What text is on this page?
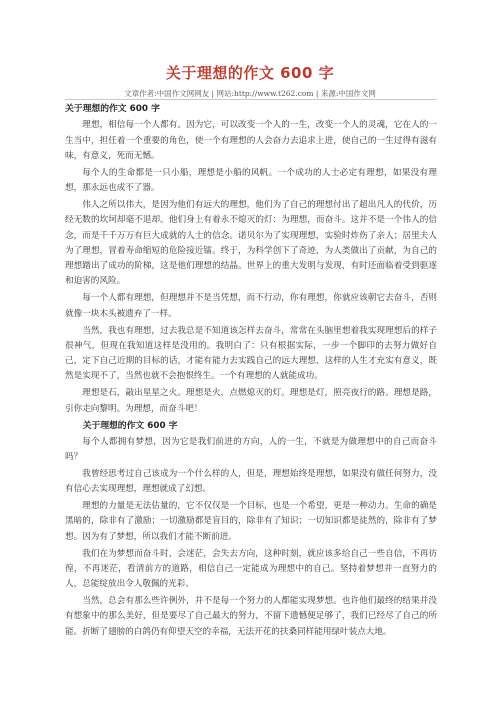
关于理想的作文 600 字
文章作者:中国作文网网友 | 网站:http://www.t262.com | 来源:中国作文网
关于理想的作文 600 字

理想，相信每一个人都有。因为它，可以改变一个人的一生，改变一个人的灵魂，它在人的一生当中，担任着一个重要的角色，使一个有理想的人会奋力去追求上进，使自己的一生过得有滋有味，有意义，死而无憾。

每个人的生命都是一只小船，理想是小船的风帆。一个成功的人士必定有理想，如果没有理想，那永远也成不了器。

伟人之所以伟大，是因为他们有远大的理想，他们为了自己的理想付出了超出凡人的代价，历经无数的坎坷却毫不退却。他们身上有着永不熄灭的灯：为理想，而奋斗。这并不是一个伟人的信念，而是千千万万有巨大成就的人士的信念。诺贝尔为了实现理想，实验时炸伤了亲人；居里夫人为了理想，冒着寿命缩短的危险接近镭。终于，为科学创下了奇迹，为人类做出了贡献，为自己的理想踏出了成功的阶梯，这是他们理想的结晶。世界上的重大发明与发现，有时还面临着受到驱逐和迫害的风险。

每一个人都有理想，但理想并不是当凭想，而不行动，你有理想，你就应该朝它去奋斗，否则就像一块木头被遗弃了一样。

当然，我也有理想，过去我总是不知道该怎样去奋斗，常常在头脑里想着我实现理想后的样子很神气，但现在我知道这样是没用的。我明白了：只有根据实际，一步一个脚印的去努力做好自己，定下自己近期的目标的话，才能有能力去实践自己的远大理想，这样的人生才充实有意义，既然是实现不了，当然也就不会抱恨终生。一个有理想的人就能成功。

理想是石，敲出星星之火。理想是火，点燃熄灭的灯。理想是灯，照亮夜行的路。理想是路，引你走向黎明。为理想，而奋斗吧！

关于理想的作文 600 字

每个人都拥有梦想，因为它是我们前进的方向，人的一生，不就是为做理想中的自己而奋斗吗？

我曾经思考过自己该成为一个什么样的人，但是，理想始终是理想，如果没有做任何努力，没有信心去实现理想，理想就成了幻想。

理想的力量是无法估量的，它不仅仅是一个目标，也是一个希望，更是一种动力。生命的确是黑暗的，除非有了激励；一切激励都是盲目的，除非有了知识；一切知识都是徒然的，除非有了梦想。因为有了梦想，所以我们才能不断前进。

我们在为梦想而奋斗时，会迷茫，会失去方向，这种时刻，就应该多给自己一些自信，不再彷徨，不再迷茫，看清前方的道路，相信自己一定能成为理想中的自己。坚持着梦想并一直努力的人，总能绽放出令人敬佩的光彩。

当然，总会有那么些许例外，并不是每一个努力的人都能实现梦想。也许他们最终的结果并没有想象中的那么美好，但是要尽了自己最大的努力，不留下遗憾便足够了，我们已经尽了自己的所能。折断了翅膀的白鸽仍有仰望天空的幸福，无法开花的扶桑同样能用绿叶装点大地。
